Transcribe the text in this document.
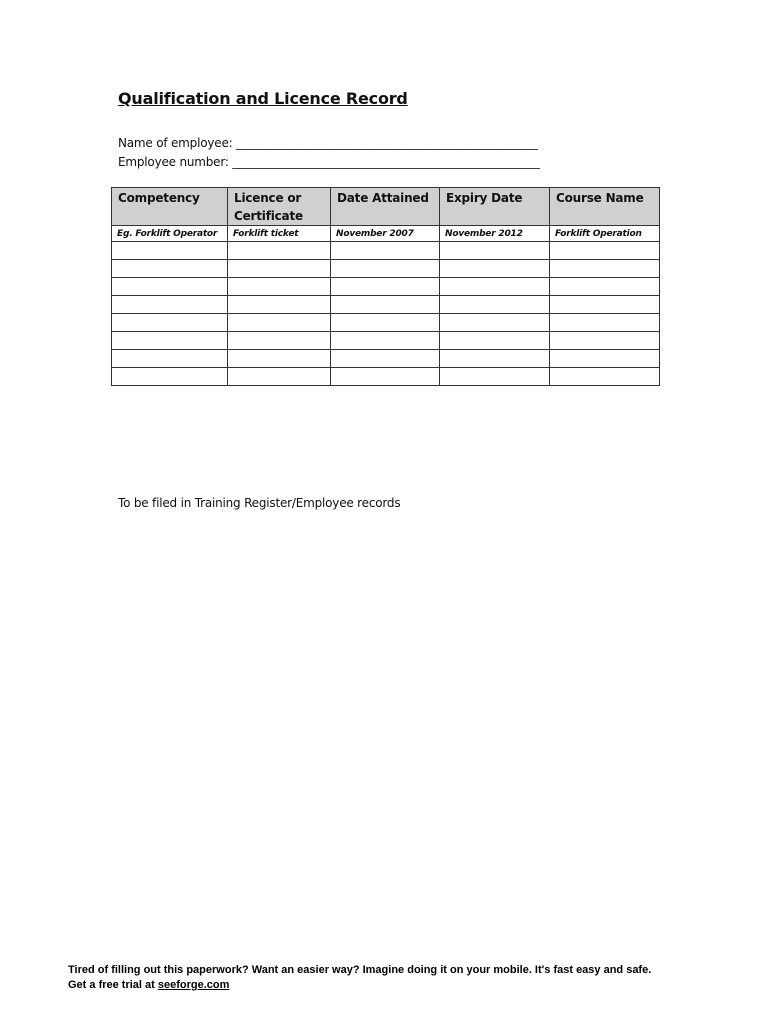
Qualification and Licence Record
Name of employee: ____________________________________________________
Employee number: _____________________________________________________
Competency	Licence or Certificate	Date Attained	Expiry Date	Course Name
Eg. Forklift Operator	Forklift ticket	November 2007	November 2012	Forklift Operation

To be filed in Training Register/Employee records
Tired of filling out this paperwork? Want an easier way? Imagine doing it on your mobile. It's fast easy and safe.
Get a free trial at seeforge.com
